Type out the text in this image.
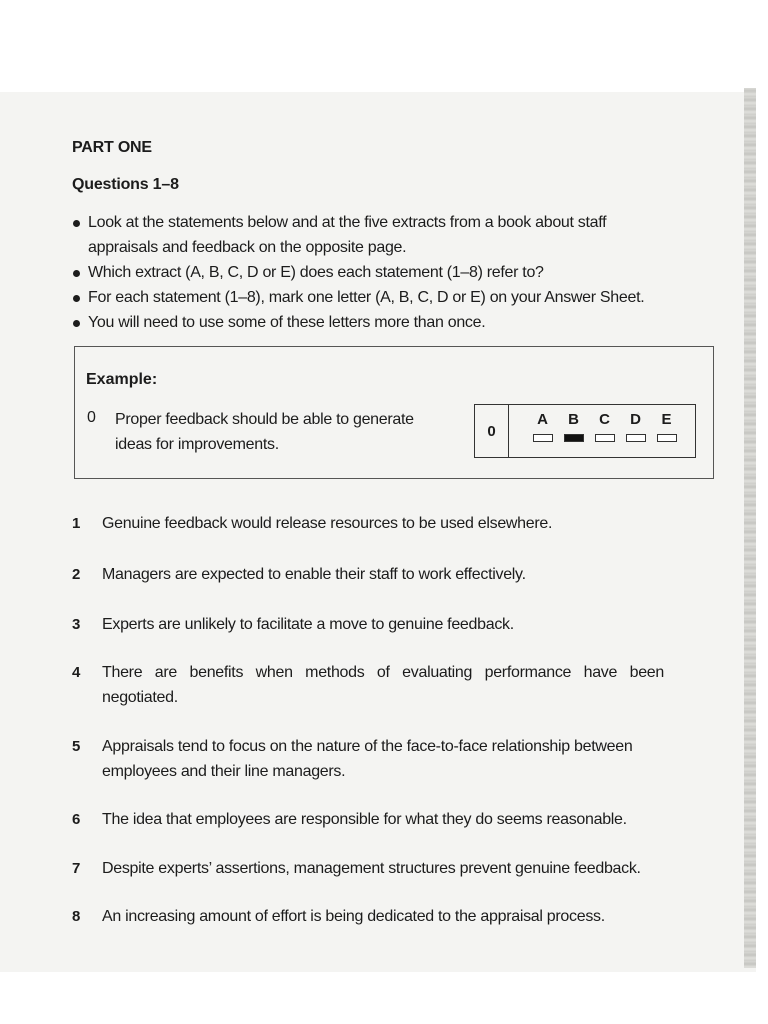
PART ONE
Questions 1–8
Look at the statements below and at the five extracts from a book about staff appraisals and feedback on the opposite page.
Which extract (A, B, C, D or E) does each statement (1–8) refer to?
For each statement (1–8), mark one letter (A, B, C, D or E) on your Answer Sheet.
You will need to use some of these letters more than once.
Example:
0 Proper feedback should be able to generate ideas for improvements.
0
A B C D E
1 Genuine feedback would release resources to be used elsewhere.
2 Managers are expected to enable their staff to work effectively.
3 Experts are unlikely to facilitate a move to genuine feedback.
4 There are benefits when methods of evaluating performance have been negotiated.
5 Appraisals tend to focus on the nature of the face-to-face relationship between employees and their line managers.
6 The idea that employees are responsible for what they do seems reasonable.
7 Despite experts’ assertions, management structures prevent genuine feedback.
8 An increasing amount of effort is being dedicated to the appraisal process.
